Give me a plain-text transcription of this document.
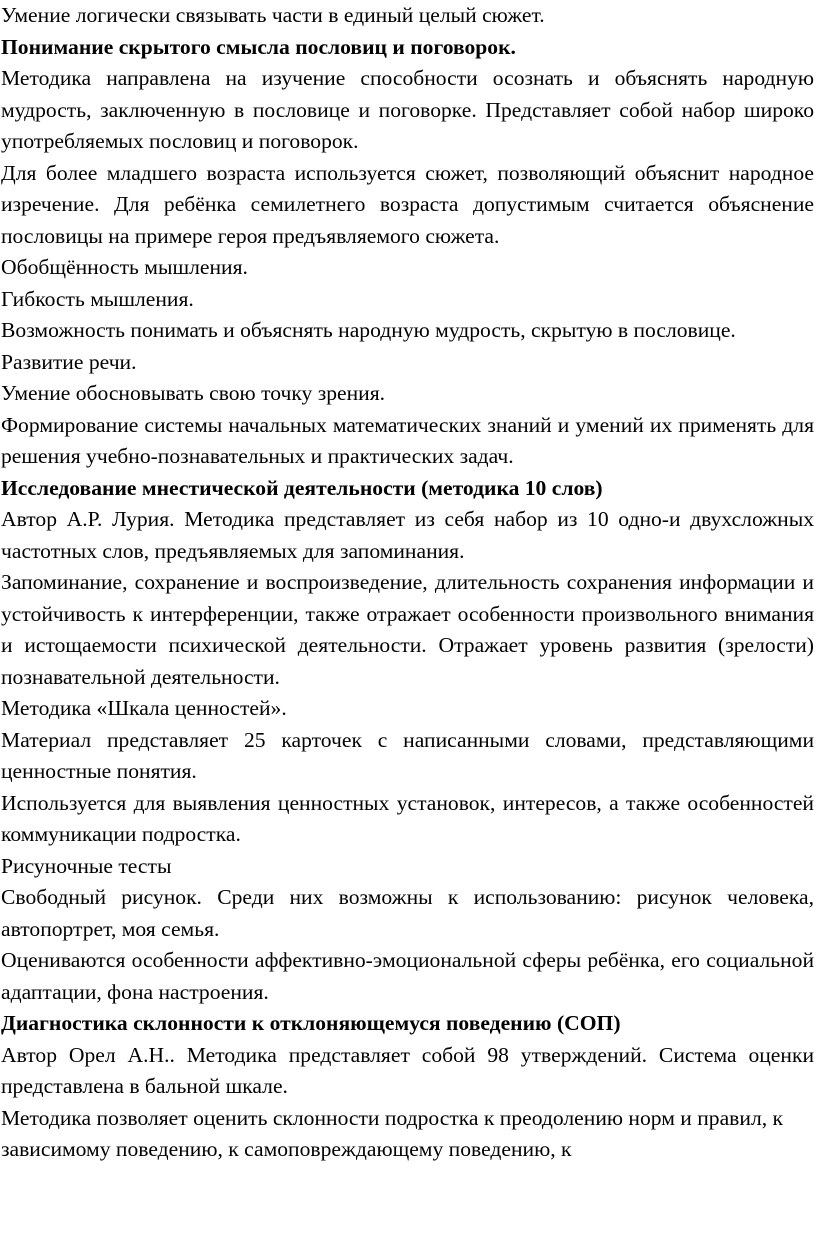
Умение логически связывать части в единый целый сюжет.

Понимание скрытого смысла пословиц и поговорок.

Методика направлена на изучение способности осознать и объяснять народную мудрость, заключенную в пословице и поговорке. Представляет собой набор широко употребляемых пословиц и поговорок.

Для более младшего возраста используется сюжет, позволяющий объяснит народное изречение. Для ребёнка семилетнего возраста допустимым считается объяснение пословицы на примере героя предъявляемого сюжета.

Обобщённость мышления.

Гибкость мышления.

Возможность понимать и объяснять народную мудрость, скрытую в пословице.

Развитие речи.

Умение обосновывать свою точку зрения.

Формирование системы начальных математических знаний и умений их применять для решения учебно-познавательных и практических задач.

Исследование мнестической деятельности (методика 10 слов)

Автор А.Р. Лурия. Методика представляет из себя набор из 10 одно-и двухсложных частотных слов, предъявляемых для запоминания.

Запоминание, сохранение и воспроизведение, длительность сохранения информации и устойчивость к интерференции, также отражает особенности произвольного внимания и истощаемости психической деятельности. Отражает уровень развития (зрелости) познавательной деятельности.

Методика «Шкала ценностей».

Материал представляет 25 карточек с написанными словами, представляющими ценностные понятия.

Используется для выявления ценностных установок, интересов, а также особенностей коммуникации подростка.

Рисуночные тесты

Свободный рисунок. Среди них возможны к использованию: рисунок человека, автопортрет, моя семья.

Оцениваются особенности аффективно-эмоциональной сферы ребёнка, его социальной адаптации, фона настроения.

Диагностика склонности к отклоняющемуся поведению (СОП)

Автор Орел А.Н.. Методика представляет собой 98 утверждений. Система оценки представлена в бальной шкале.

Методика позволяет оценить склонности подростка к преодолению норм и правил, к зависимому поведению, к самоповреждающему поведению, к
